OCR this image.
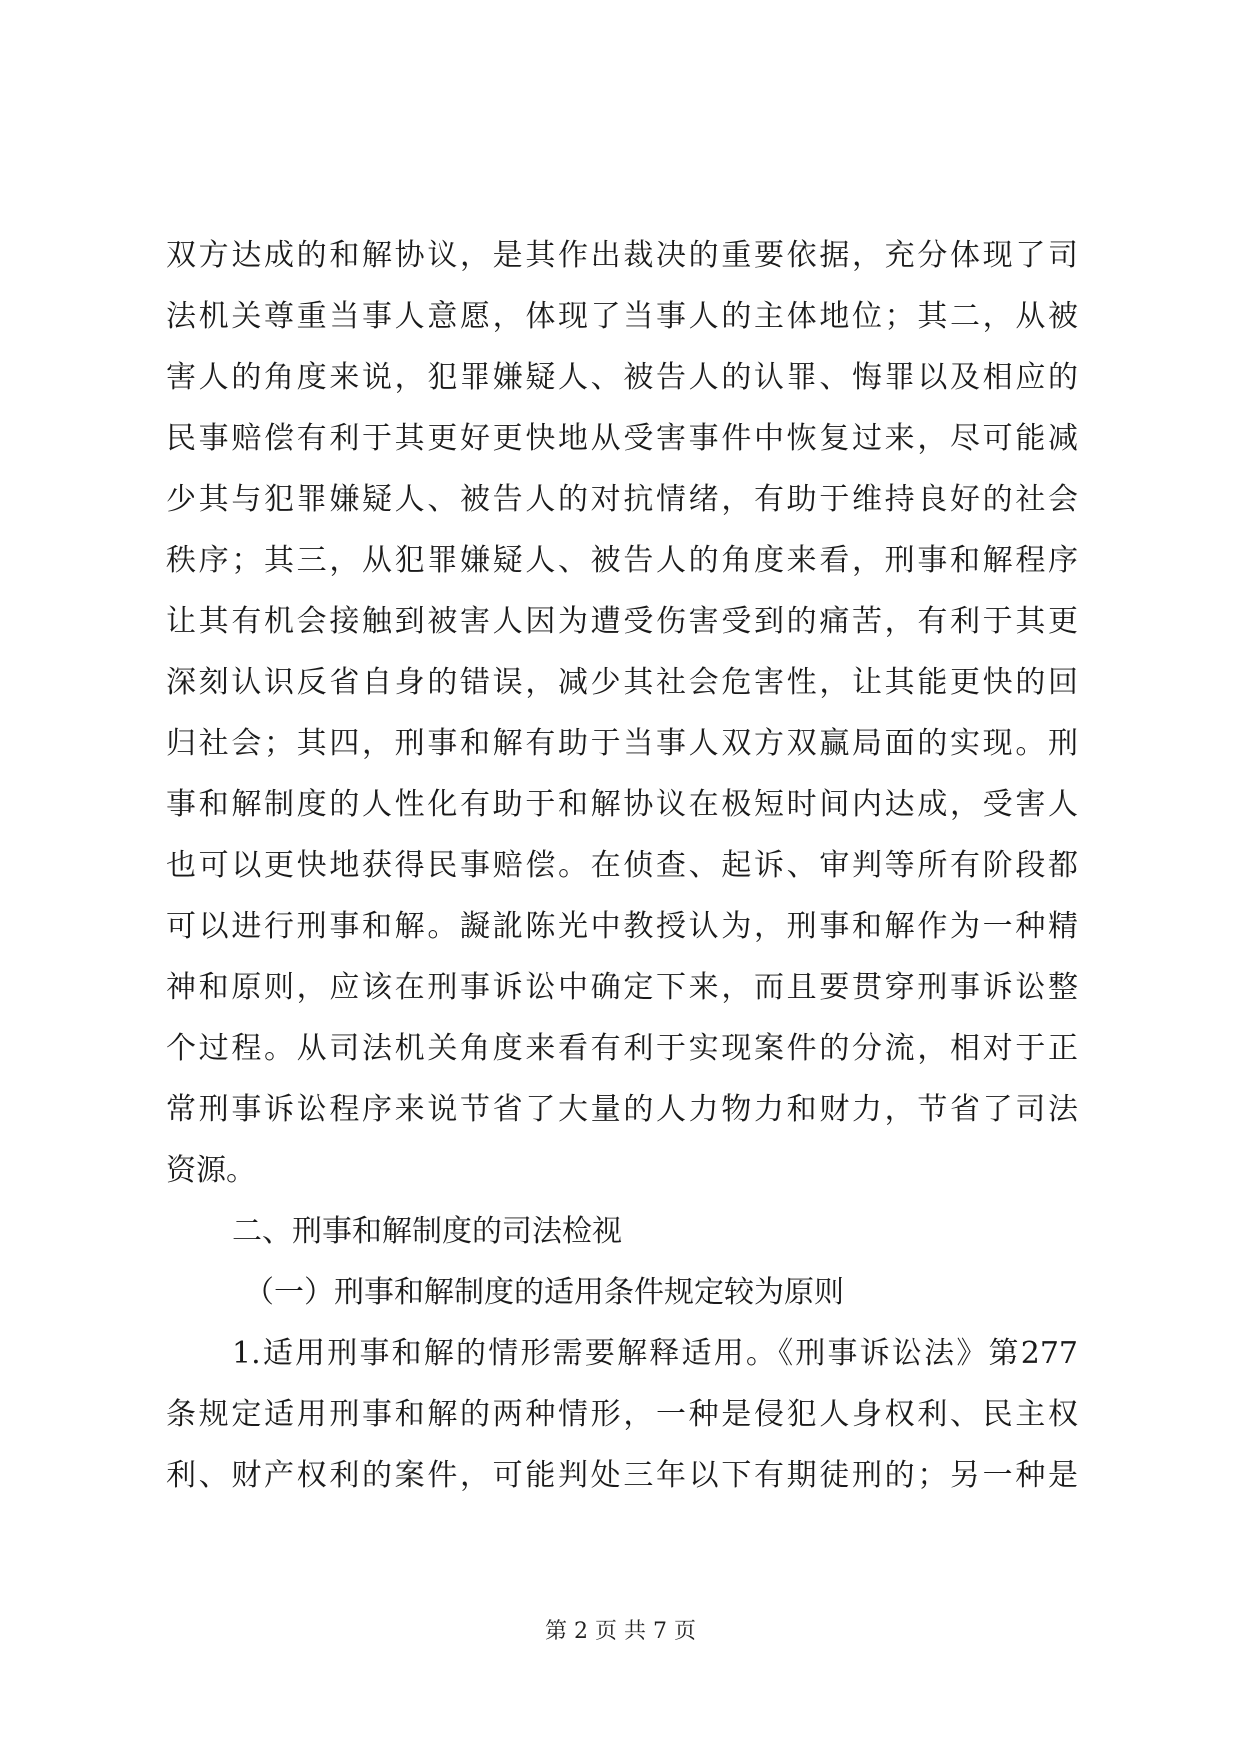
双方达成的和解协议，是其作出裁决的重要依据，充分体现了司
法机关尊重当事人意愿，体现了当事人的主体地位；其二，从被
害人的角度来说，犯罪嫌疑人、被告人的认罪、悔罪以及相应的
民事赔偿有利于其更好更快地从受害事件中恢复过来，尽可能减
少其与犯罪嫌疑人、被告人的对抗情绪，有助于维持良好的社会
秩序；其三，从犯罪嫌疑人、被告人的角度来看，刑事和解程序
让其有机会接触到被害人因为遭受伤害受到的痛苦，有利于其更
深刻认识反省自身的错误，减少其社会危害性，让其能更快的回
归社会；其四，刑事和解有助于当事人双方双赢局面的实现。刑
事和解制度的人性化有助于和解协议在极短时间内达成，受害人
也可以更快地获得民事赔偿。在侦查、起诉、审判等所有阶段都
可以进行刑事和解。譺訛陈光中教授认为，刑事和解作为一种精
神和原则，应该在刑事诉讼中确定下来，而且要贯穿刑事诉讼整
个过程。从司法机关角度来看有利于实现案件的分流，相对于正
常刑事诉讼程序来说节省了大量的人力物力和财力，节省了司法
资源。
二、刑事和解制度的司法检视
（一）刑事和解制度的适用条件规定较为原则
1.适用刑事和解的情形需要解释适用。《刑事诉讼法》第277
条规定适用刑事和解的两种情形，一种是侵犯人身权利、民主权
利、财产权利的案件，可能判处三年以下有期徒刑的；另一种是
第 2 页 共 7 页
